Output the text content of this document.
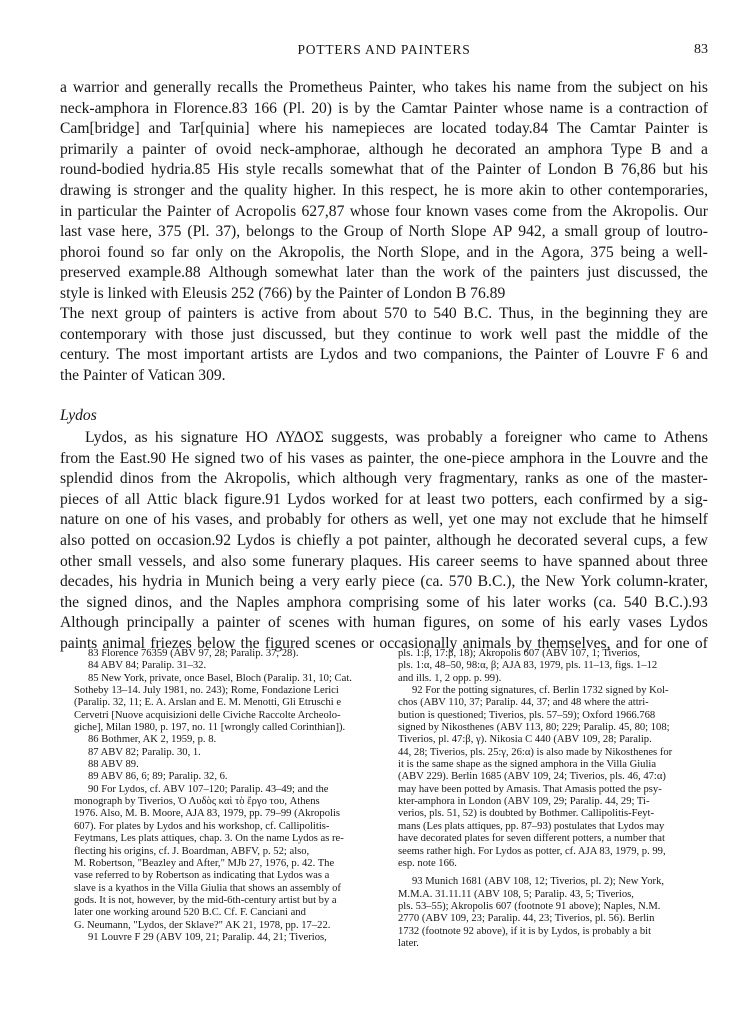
POTTERS AND PAINTERS	83
a warrior and generally recalls the Prometheus Painter, who takes his name from the subject on his
neck-amphora in Florence.83 166 (Pl. 20) is by the Camtar Painter whose name is a contraction of
Cam[bridge] and Tar[quinia] where his namepieces are located today.84 The Camtar Painter is
primarily a painter of ovoid neck-amphorae, although he decorated an amphora Type B and a
round-bodied hydria.85 His style recalls somewhat that of the Painter of London B 76,86 but his
drawing is stronger and the quality higher. In this respect, he is more akin to other contemporaries,
in particular the Painter of Acropolis 627,87 whose four known vases come from the Akropolis. Our
last vase here, 375 (Pl. 37), belongs to the Group of North Slope AP 942, a small group of loutro-
phoroi found so far only on the Akropolis, the North Slope, and in the Agora, 375 being a well-
preserved example.88 Although somewhat later than the work of the painters just discussed, the
style is linked with Eleusis 252 (766) by the Painter of London B 76.89
The next group of painters is active from about 570 to 540 B.C. Thus, in the beginning they are
contemporary with those just discussed, but they continue to work well past the middle of the
century. The most important artists are Lydos and two companions, the Painter of Louvre F 6 and
the Painter of Vatican 309.
Lydos
Lydos, as his signature HO ΛΥΔΟΣ suggests, was probably a foreigner who came to Athens
from the East.90 He signed two of his vases as painter, the one-piece amphora in the Louvre and the
splendid dinos from the Akropolis, which although very fragmentary, ranks as one of the master-
pieces of all Attic black figure.91 Lydos worked for at least two potters, each confirmed by a sig-
nature on one of his vases, and probably for others as well, yet one may not exclude that he himself
also potted on occasion.92 Lydos is chiefly a pot painter, although he decorated several cups, a few
other small vessels, and also some funerary plaques. His career seems to have spanned about three
decades, his hydria in Munich being a very early piece (ca. 570 B.C.), the New York column-krater,
the signed dinos, and the Naples amphora comprising some of his later works (ca. 540 B.C.).93
Although principally a painter of scenes with human figures, on some of his early vases Lydos
paints animal friezes below the figured scenes or occasionally animals by themselves, and for one of
83 Florence 76359 (ABV 97, 28; Paralip. 37, 28).
84 ABV 84; Paralip. 31–32.
85 New York, private, once Basel, Bloch (Paralip. 31, 10; Cat.
Sotheby 13–14. July 1981, no. 243); Rome, Fondazione Lerici
(Paralip. 32, 11; E. A. Arslan and E. M. Menotti, Gli Etruschi e
Cervetri [Nuove acquisizioni delle Civiche Raccolte Archeolo-
giche], Milan 1980, p. 197, no. 11 [wrongly called Corinthian]).
86 Bothmer, AK 2, 1959, p. 8.
87 ABV 82; Paralip. 30, 1.
88 ABV 89.
89 ABV 86, 6; 89; Paralip. 32, 6.
90 For Lydos, cf. ABV 107–120; Paralip. 43–49; and the
monograph by Tiverios, Ὁ Λυδὸς καὶ τὸ ἔργο του, Athens
1976. Also, M. B. Moore, AJA 83, 1979, pp. 79–99 (Akropolis
607). For plates by Lydos and his workshop, cf. Callipolitis-
Feytmans, Les plats attiques, chap. 3. On the name Lydos as re-
flecting his origins, cf. J. Boardman, ABFV, p. 52; also,
M. Robertson, "Beazley and After," MJb 27, 1976, p. 42. The
vase referred to by Robertson as indicating that Lydos was a
slave is a kyathos in the Villa Giulia that shows an assembly of
gods. It is not, however, by the mid-6th-century artist but by a
later one working around 520 B.C. Cf. F. Canciani and
G. Neumann, "Lydos, der Sklave?" AK 21, 1978, pp. 17–22.
91 Louvre F 29 (ABV 109, 21; Paralip. 44, 21; Tiverios,
pls. 1:β, 17:β, 18); Akropolis 607 (ABV 107, 1; Tiverios,
pls. 1:α, 48–50, 98:α, β; AJA 83, 1979, pls. 11–13, figs. 1–12
and ills. 1, 2 opp. p. 99).
92 For the potting signatures, cf. Berlin 1732 signed by Kol-
chos (ABV 110, 37; Paralip. 44, 37; and 48 where the attri-
bution is questioned; Tiverios, pls. 57–59); Oxford 1966.768
signed by Nikosthenes (ABV 113, 80; 229; Paralip. 45, 80; 108;
Tiverios, pl. 47:β, γ). Nikosia C 440 (ABV 109, 28; Paralip.
44, 28; Tiverios, pls. 25:γ, 26:α) is also made by Nikosthenes for
it is the same shape as the signed amphora in the Villa Giulia
(ABV 229). Berlin 1685 (ABV 109, 24; Tiverios, pls. 46, 47:α)
may have been potted by Amasis. That Amasis potted the psy-
kter-amphora in London (ABV 109, 29; Paralip. 44, 29; Ti-
verios, pls. 51, 52) is doubted by Bothmer. Callipolitis-Feyt-
mans (Les plats attiques, pp. 87–93) postulates that Lydos may
have decorated plates for seven different potters, a number that
seems rather high. For Lydos as potter, cf. AJA 83, 1979, p. 99,
esp. note 166.
93 Munich 1681 (ABV 108, 12; Tiverios, pl. 2); New York,
M.M.A. 31.11.11 (ABV 108, 5; Paralip. 43, 5; Tiverios,
pls. 53–55); Akropolis 607 (footnote 91 above); Naples, N.M.
2770 (ABV 109, 23; Paralip. 44, 23; Tiverios, pl. 56). Berlin
1732 (footnote 92 above), if it is by Lydos, is probably a bit
later.
